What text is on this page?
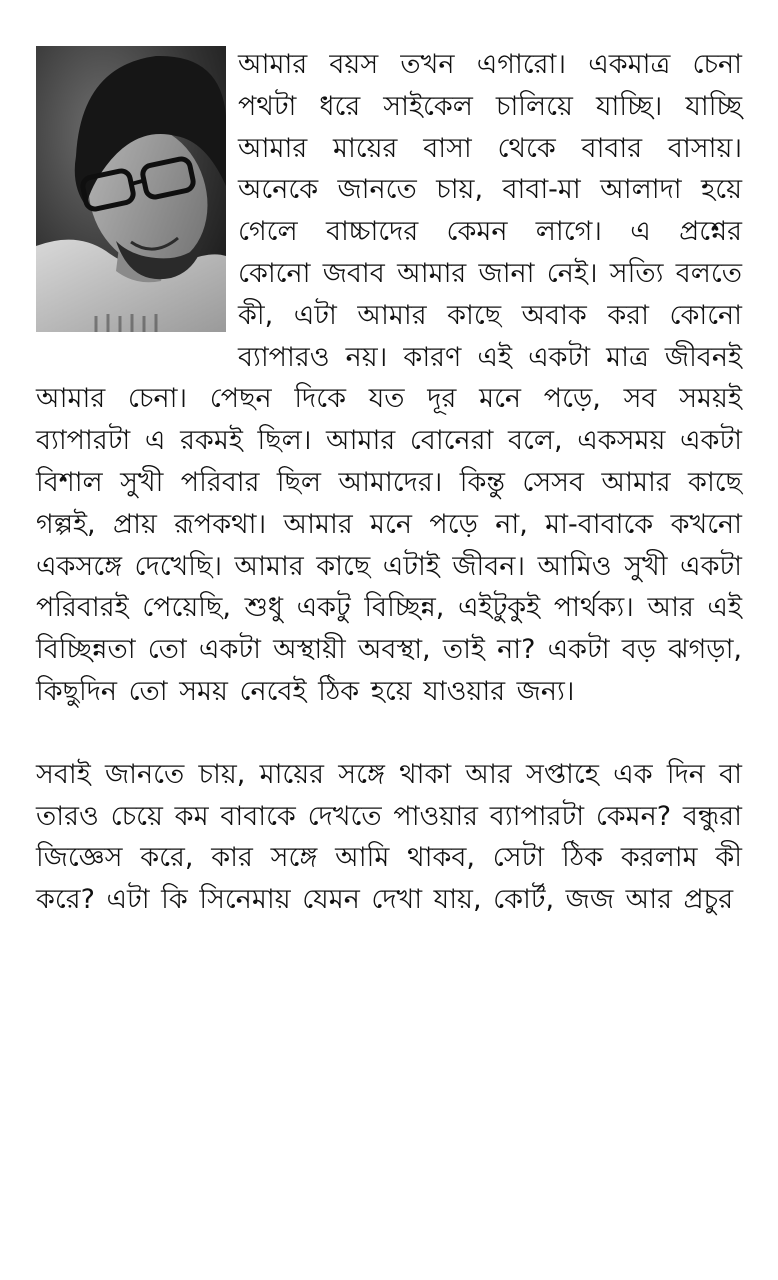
আমার বয়স তখন এগারো। একমাত্র চেনা পথটা ধরে সাইকেল চালিয়ে যাচ্ছি। যাচ্ছি আমার মায়ের বাসা থেকে বাবার বাসায়। অনেকে জানতে চায়, বাবা-মা আলাদা হয়ে গেলে বাচ্চাদের কেমন লাগে। এ প্রশ্নের কোনো জবাব আমার জানা নেই। সত্যি বলতে কী, এটা আমার কাছে অবাক করা কোনো ব্যাপারও নয়। কারণ এই একটা মাত্র জীবনই আমার চেনা। পেছন দিকে যত দূর মনে পড়ে, সব সময়ই ব্যাপারটা এ রকমই ছিল। আমার বোনেরা বলে, একসময় একটা বিশাল সুখী পরিবার ছিল আমাদের। কিন্তু সেসব আমার কাছে গল্পই, প্রায় রূপকথা। আমার মনে পড়ে না, মা-বাবাকে কখনো একসঙ্গে দেখেছি। আমার কাছে এটাই জীবন। আমিও সুখী একটা পরিবারই পেয়েছি, শুধু একটু বিচ্ছিন্ন, এইটুকুই পার্থক্য। আর এই বিচ্ছিন্নতা তো একটা অস্থায়ী অবস্থা, তাই না? একটা বড় ঝগড়া, কিছুদিন তো সময় নেবেই ঠিক হয়ে যাওয়ার জন্য।

সবাই জানতে চায়, মায়ের সঙ্গে থাকা আর সপ্তাহে এক দিন বা তারও চেয়ে কম বাবাকে দেখতে পাওয়ার ব্যাপারটা কেমন? বন্ধুরা জিজ্ঞেস করে, কার সঙ্গে আমি থাকব, সেটা ঠিক করলাম কী করে? এটা কি সিনেমায় যেমন দেখা যায়, কোর্ট, জজ আর প্রচুর
